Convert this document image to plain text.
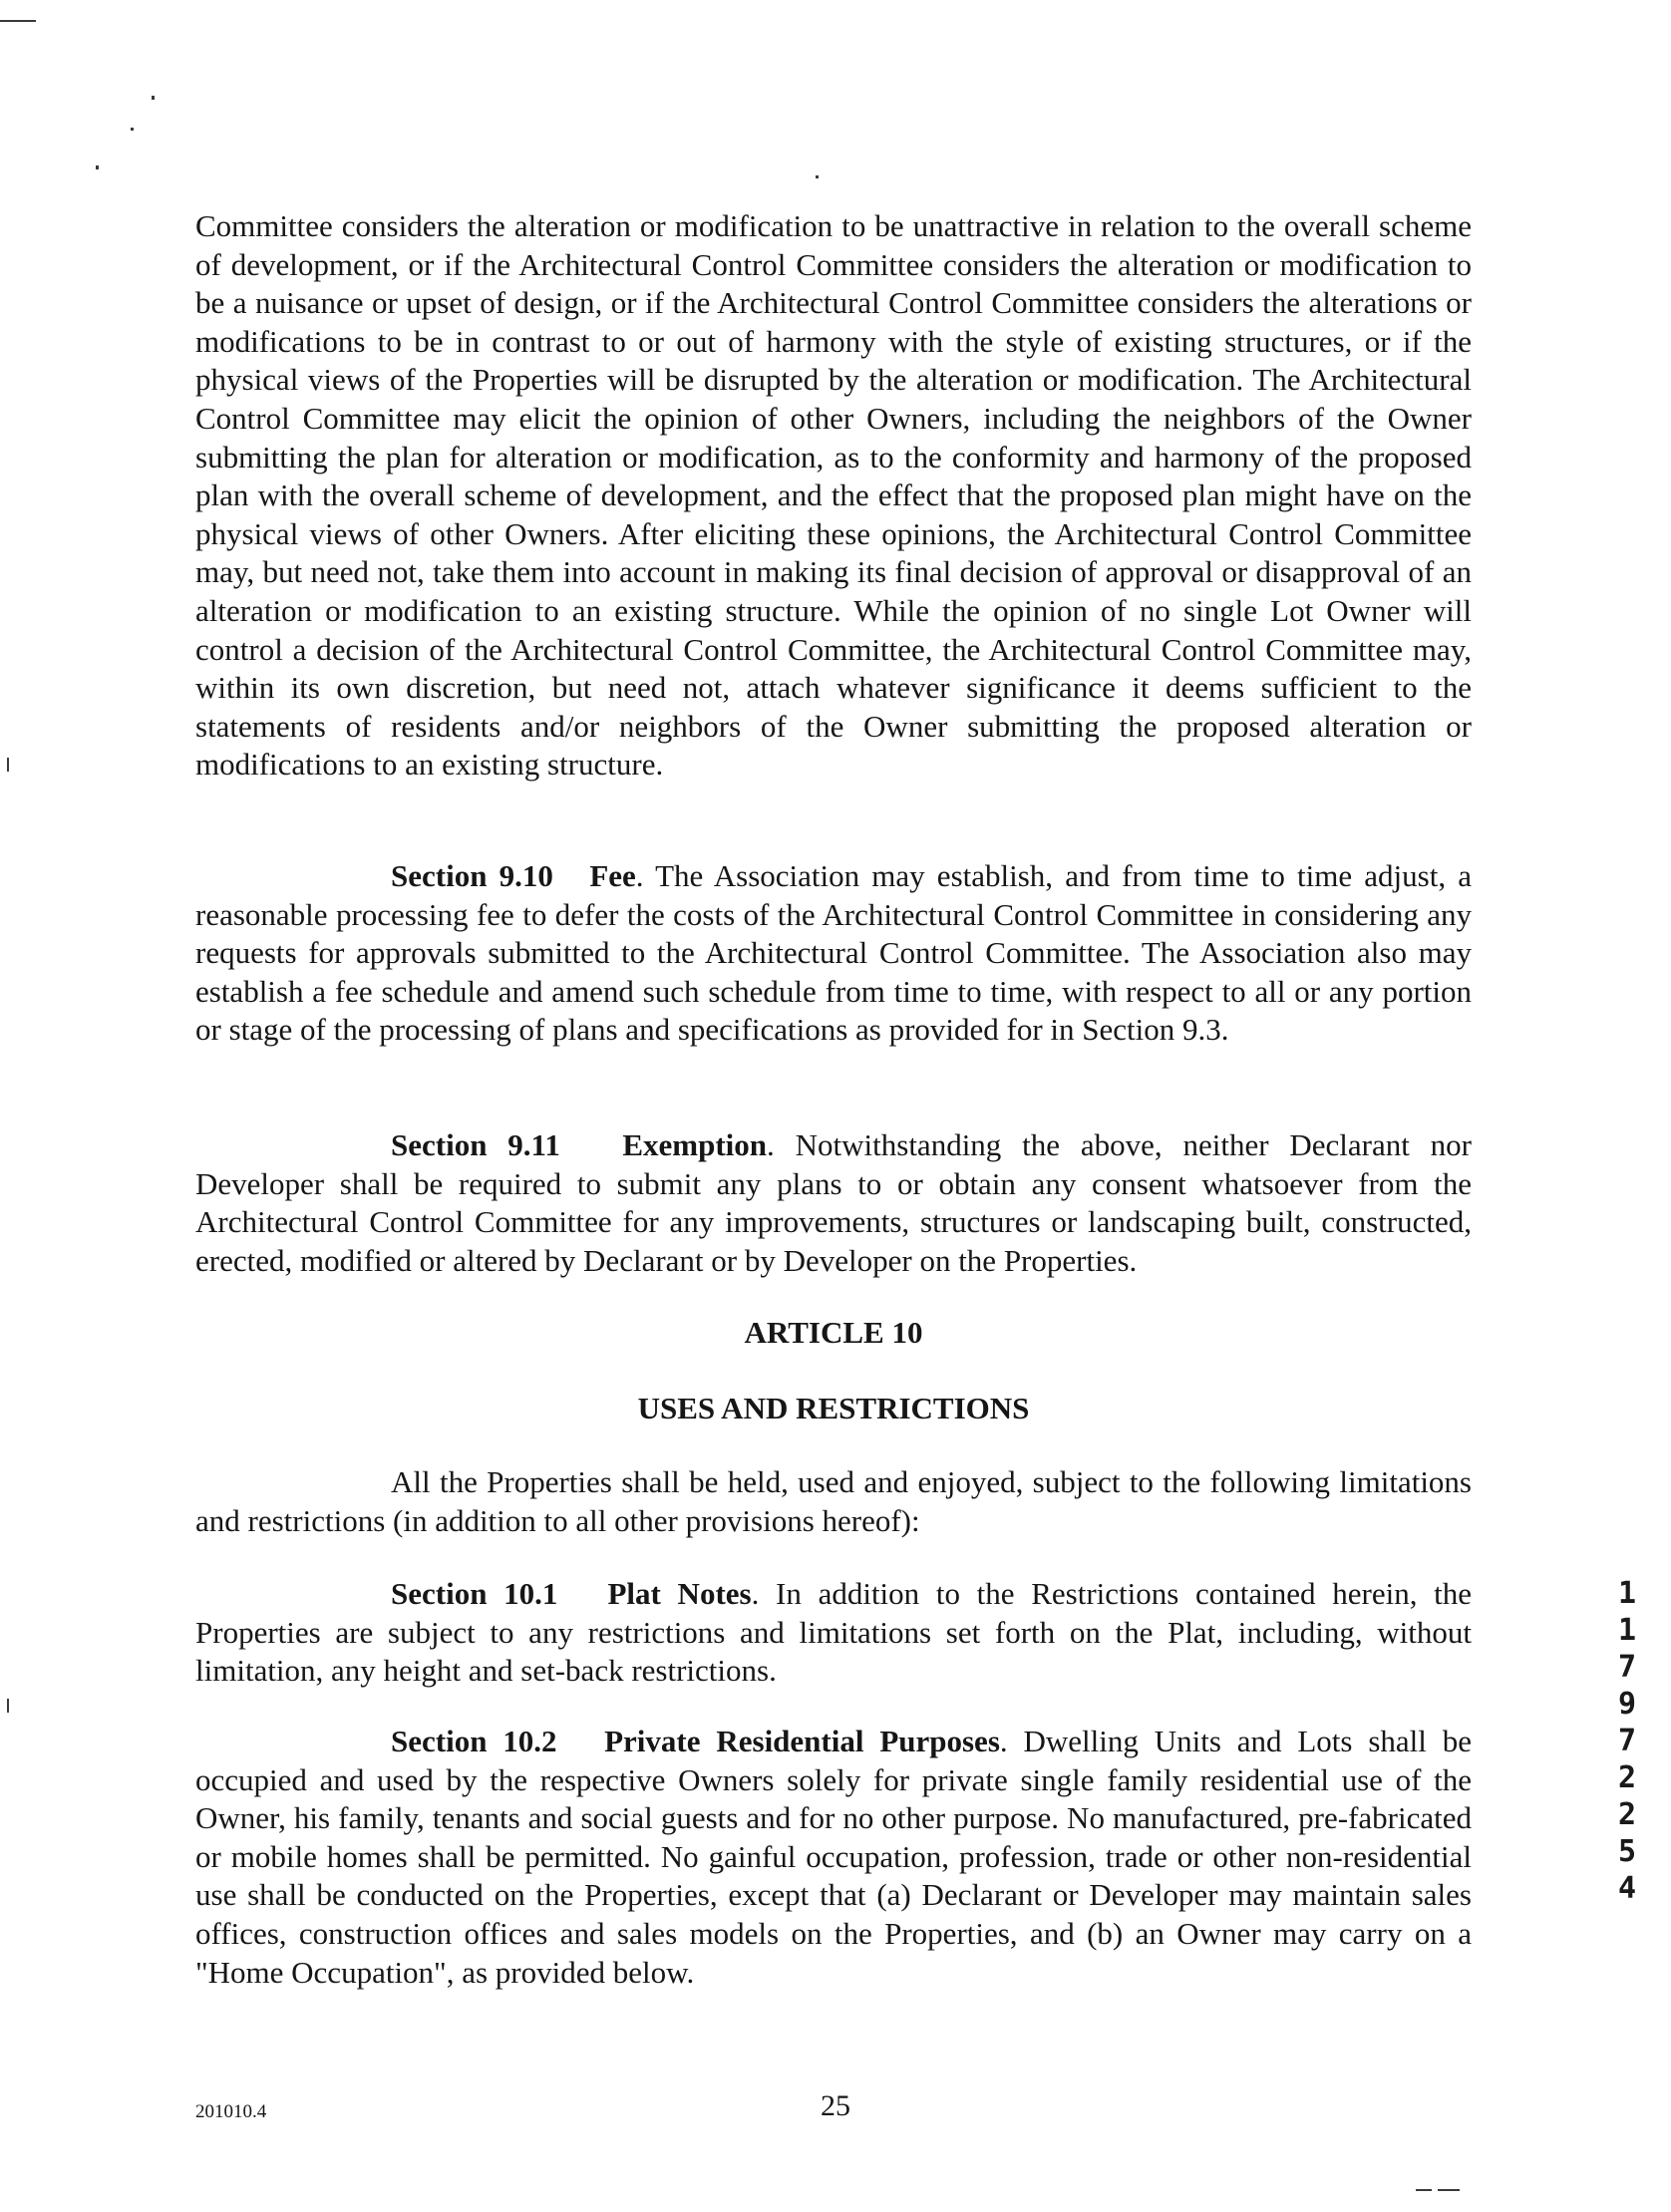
Committee considers the alteration or modification to be unattractive in relation to the overall scheme of development, or if the Architectural Control Committee considers the alteration or modification to be a nuisance or upset of design, or if the Architectural Control Committee considers the alterations or modifications to be in contrast to or out of harmony with the style of existing structures, or if the physical views of the Properties will be disrupted by the alteration or modification. The Architectural Control Committee may elicit the opinion of other Owners, including the neighbors of the Owner submitting the plan for alteration or modification, as to the conformity and harmony of the proposed plan with the overall scheme of development, and the effect that the proposed plan might have on the physical views of other Owners. After eliciting these opinions, the Architectural Control Committee may, but need not, take them into account in making its final decision of approval or disapproval of an alteration or modification to an existing structure. While the opinion of no single Lot Owner will control a decision of the Architectural Control Committee, the Architectural Control Committee may, within its own discretion, but need not, attach whatever significance it deems sufficient to the statements of residents and/or neighbors of the Owner submitting the proposed alteration or modifications to an existing structure.

Section 9.10 Fee. The Association may establish, and from time to time adjust, a reasonable processing fee to defer the costs of the Architectural Control Committee in considering any requests for approvals submitted to the Architectural Control Committee. The Association also may establish a fee schedule and amend such schedule from time to time, with respect to all or any portion or stage of the processing of plans and specifications as provided for in Section 9.3.

Section 9.11 Exemption. Notwithstanding the above, neither Declarant nor Developer shall be required to submit any plans to or obtain any consent whatsoever from the Architectural Control Committee for any improvements, structures or landscaping built, constructed, erected, modified or altered by Declarant or by Developer on the Properties.

ARTICLE 10
USES AND RESTRICTIONS

All the Properties shall be held, used and enjoyed, subject to the following limitations and restrictions (in addition to all other provisions hereof):

Section 10.1 Plat Notes. In addition to the Restrictions contained herein, the Properties are subject to any restrictions and limitations set forth on the Plat, including, without limitation, any height and set-back restrictions.

Section 10.2 Private Residential Purposes. Dwelling Units and Lots shall be occupied and used by the respective Owners solely for private single family residential use of the Owner, his family, tenants and social guests and for no other purpose. No manufactured, pre-fabricated or mobile homes shall be permitted. No gainful occupation, profession, trade or other non-residential use shall be conducted on the Properties, except that (a) Declarant or Developer may maintain sales offices, construction offices and sales models on the Properties, and (b) an Owner may carry on a "Home Occupation", as provided below.

11797 2254
25
201010.4
